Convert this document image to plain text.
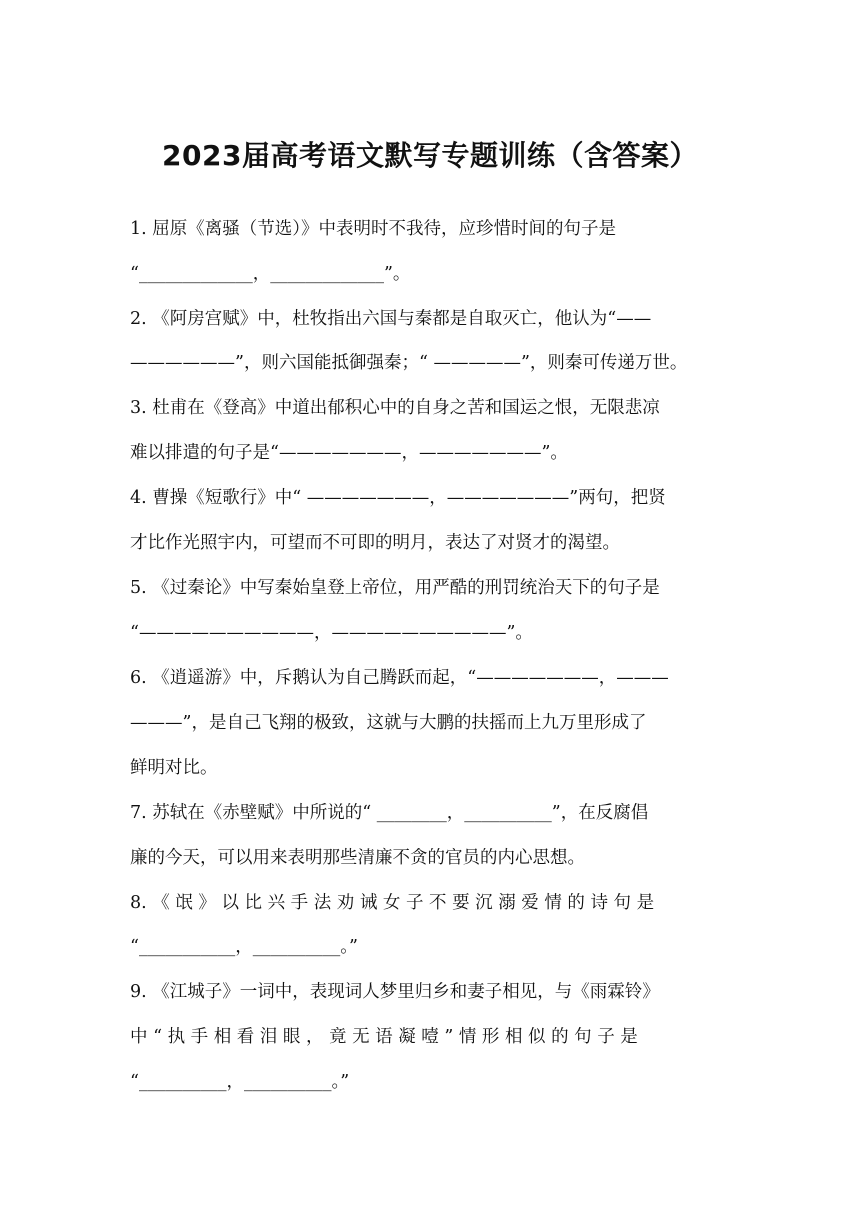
2023届高考语文默写专题训练（含答案）
1. 屈原《离骚（节选）》中表明时不我待，应珍惜时间的句子是
“_____________，_____________”。
2. 《阿房宫赋》中，杜牧指出六国与秦都是自取灭亡，他认为“——
——————”，则六国能抵御强秦；“ —————”，则秦可传递万世。
3. 杜甫在《登高》中道出郁积心中的自身之苦和国运之恨，无限悲凉
难以排遣的句子是“———————，———————”。
4. 曹操《短歌行》中“ ———————，———————”两句，把贤
才比作光照宇内，可望而不可即的明月，表达了对贤才的渴望。
5. 《过秦论》中写秦始皇登上帝位，用严酷的刑罚统治天下的句子是
“——————————，——————————”。
6. 《逍遥游》中，斥鹅认为自己腾跃而起，“———————，———
———”，是自己飞翔的极致，这就与大鹏的扶摇而上九万里形成了
鲜明对比。
7. 苏轼在《赤壁赋》中所说的“ ________，__________”，在反腐倡
廉的今天，可以用来表明那些清廉不贪的官员的内心思想。
8. 《 氓 》 以 比 兴 手 法 劝 诫 女 子 不 要 沉 溺 爱 情 的 诗 句 是
“___________，__________。”
9. 《江城子》一词中，表现词人梦里归乡和妻子相见，与《雨霖铃》
中 “ 执 手 相 看 泪 眼 ， 竟 无 语 凝 噎 ” 情 形 相 似 的 句 子 是
“__________，__________。”
